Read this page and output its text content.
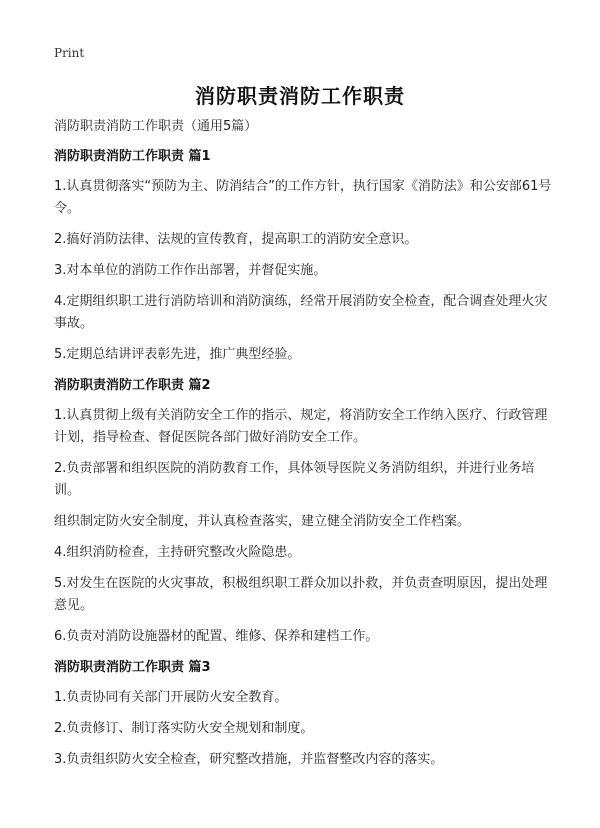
Print
消防职责消防工作职责
消防职责消防工作职责（通用5篇）
消防职责消防工作职责 篇1

1.认真贯彻落实“预防为主、防消结合”的工作方针，执行国家《消防法》和公安部61号令。

2.搞好消防法律、法规的宣传教育，提高职工的消防安全意识。

3.对本单位的消防工作作出部署，并督促实施。

4.定期组织职工进行消防培训和消防演练，经常开展消防安全检查，配合调查处理火灾事故。

5.定期总结讲评表彰先进，推广典型经验。

消防职责消防工作职责 篇2

1.认真贯彻上级有关消防安全工作的指示、规定，将消防安全工作纳入医疗、行政管理计划，指导检查、督促医院各部门做好消防安全工作。

2.负责部署和组织医院的消防教育工作，具体领导医院义务消防组织，并进行业务培训。

组织制定防火安全制度，并认真检查落实，建立健全消防安全工作档案。

4.组织消防检查，主持研究整改火险隐患。

5.对发生在医院的火灾事故，积极组织职工群众加以扑救，并负责查明原因，提出处理意见。

6.负责对消防设施器材的配置、维修、保养和建档工作。

消防职责消防工作职责 篇3

1.负责协同有关部门开展防火安全教育。

2.负责修订、制订落实防火安全规划和制度。

3.负责组织防火安全检查，研究整改措施，并监督整改内容的落实。
